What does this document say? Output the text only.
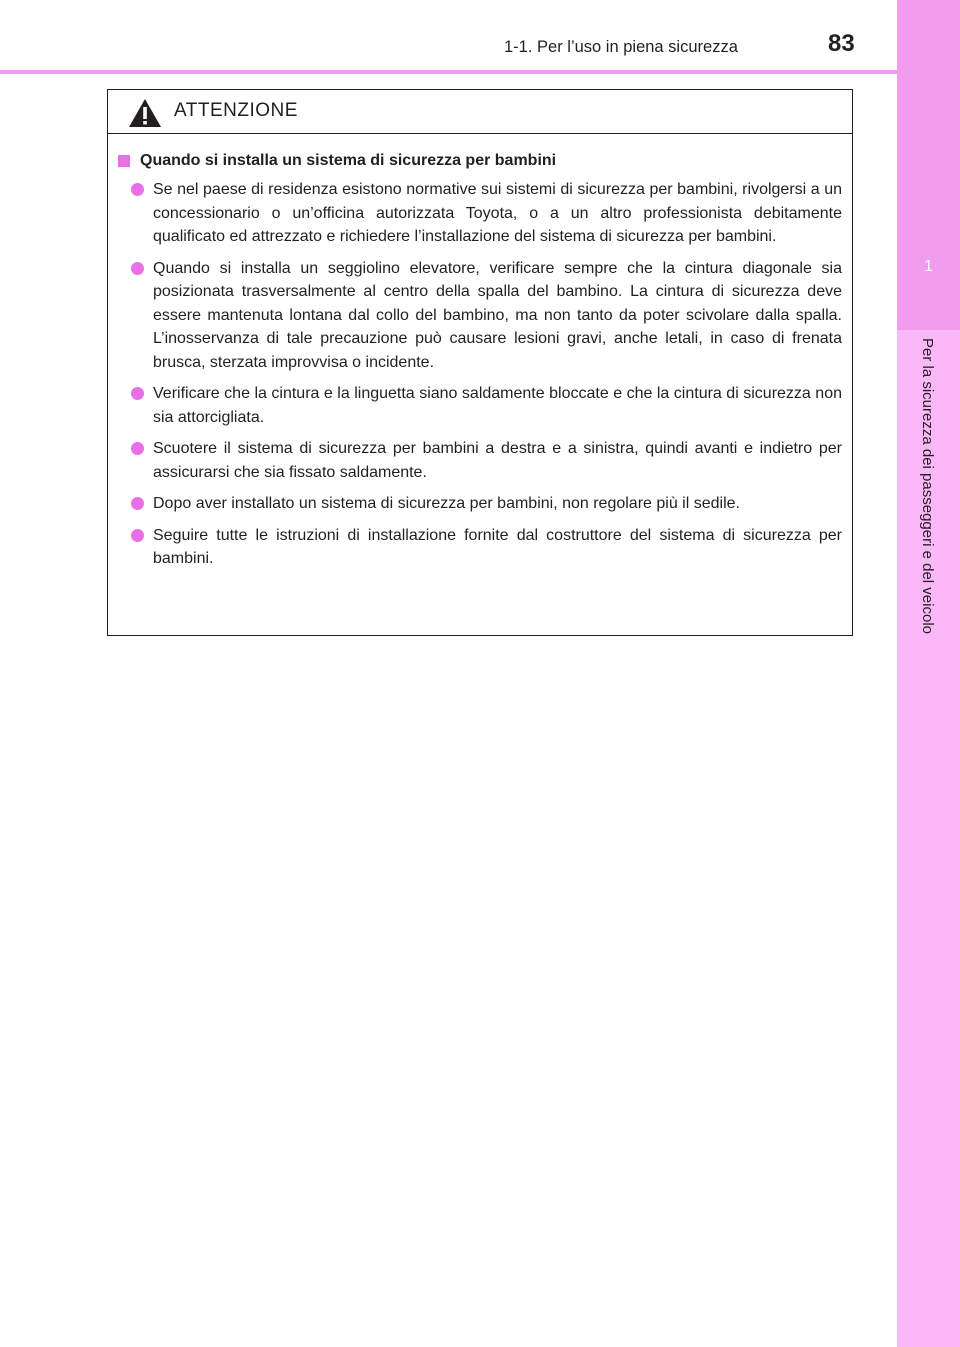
1
Per la sicurezza dei passeggeri e del veicolo
1-1. Per l’uso in piena sicurezza	83
ATTENZIONE
Quando si installa un sistema di sicurezza per bambini
Se nel paese di residenza esistono normative sui sistemi di sicurezza per bambini, rivolgersi a un concessionario o un’officina autorizzata Toyota, o a un altro professionista debitamente qualificato ed attrezzato e richiedere l’installazione del sistema di sicurezza per bambini.
Quando si installa un seggiolino elevatore, verificare sempre che la cintura diagonale sia posizionata trasversalmente al centro della spalla del bambino. La cintura di sicurezza deve essere mantenuta lontana dal collo del bambino, ma non tanto da poter scivolare dalla spalla. L’inosservanza di tale precauzione può causare lesioni gravi, anche letali, in caso di frenata brusca, sterzata improvvisa o incidente.
Verificare che la cintura e la linguetta siano saldamente bloccate e che la cintura di sicurezza non sia attorcigliata.
Scuotere il sistema di sicurezza per bambini a destra e a sinistra, quindi avanti e indietro per assicurarsi che sia fissato saldamente.
Dopo aver installato un sistema di sicurezza per bambini, non regolare più il sedile.
Seguire tutte le istruzioni di installazione fornite dal costruttore del sistema di sicurezza per bambini.
